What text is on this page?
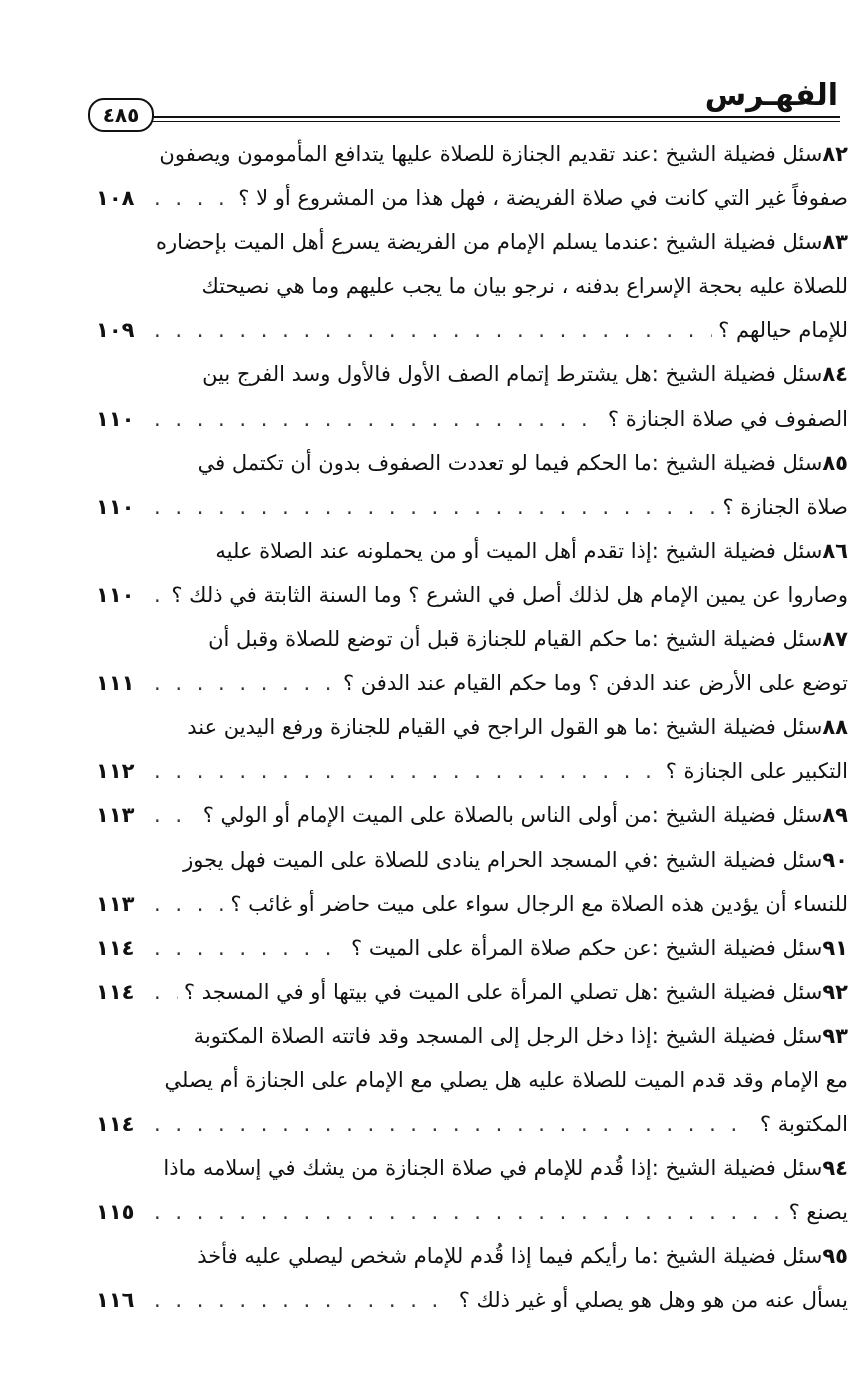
الفهـرس
٤٨٥
٨٢
سئل فضيلة الشيخ :
عند تقديم الجنازة للصلاة عليها يتدافع المأمومون ويصفون
صفوفاً غير التي كانت في صلاة الفريضة ، فهل هذا من المشروع أو لا ؟
. . .
١٠٨
٨٣
سئل فضيلة الشيخ :
عندما يسلم الإمام من الفريضة يسرع أهل الميت بإحضاره
للصلاة عليه بحجة الإسراع بدفنه ، نرجو بيان ما يجب عليهم وما هي نصيحتك
للإمام حيالهم ؟
. . .
١٠٩
٨٤
سئل فضيلة الشيخ :
هل يشترط إتمام الصف الأول فالأول وسد الفرج بين
الصفوف في صلاة الجنازة ؟
. . .
١١٠
٨٥
سئل فضيلة الشيخ :
ما الحكم فيما لو تعددت الصفوف بدون أن تكتمل في
صلاة الجنازة ؟
. . .
١١٠
٨٦
سئل فضيلة الشيخ :
إذا تقدم أهل الميت أو من يحملونه عند الصلاة عليه
وصاروا عن يمين الإمام هل لذلك أصل في الشرع ؟ وما السنة الثابتة في ذلك ؟
. . .
١١٠
٨٧
سئل فضيلة الشيخ :
ما حكم القيام للجنازة قبل أن توضع للصلاة وقبل أن
توضع على الأرض عند الدفن ؟ وما حكم القيام عند الدفن ؟
. . .
١١١
٨٨
سئل فضيلة الشيخ :
ما هو القول الراجح في القيام للجنازة ورفع اليدين عند
التكبير على الجنازة ؟
. . .
١١٢
٨٩
سئل فضيلة الشيخ :
من أولى الناس بالصلاة على الميت الإمام أو الولي ؟
. . .
١١٣
٩٠
سئل فضيلة الشيخ :
في المسجد الحرام ينادى للصلاة على الميت فهل يجوز
للنساء أن يؤدين هذه الصلاة مع الرجال سواء على ميت حاضر أو غائب ؟
. . .
١١٣
٩١
سئل فضيلة الشيخ :
عن حكم صلاة المرأة على الميت ؟
. . .
١١٤
٩٢
سئل فضيلة الشيخ :
هل تصلي المرأة على الميت في بيتها أو في المسجد ؟
. . .
١١٤
٩٣
سئل فضيلة الشيخ :
إذا دخل الرجل إلى المسجد وقد فاتته الصلاة المكتوبة
مع الإمام وقد قدم الميت للصلاة عليه هل يصلي مع الإمام على الجنازة أم يصلي
المكتوبة ؟
. . .
١١٤
٩٤
سئل فضيلة الشيخ :
إذا قُدم للإمام في صلاة الجنازة من يشك في إسلامه ماذا
يصنع ؟
. . .
١١٥
٩٥
سئل فضيلة الشيخ :
ما رأيكم فيما إذا قُدم للإمام شخص ليصلي عليه فأخذ
يسأل عنه من هو وهل هو يصلي أو غير ذلك ؟
. . .
١١٦
